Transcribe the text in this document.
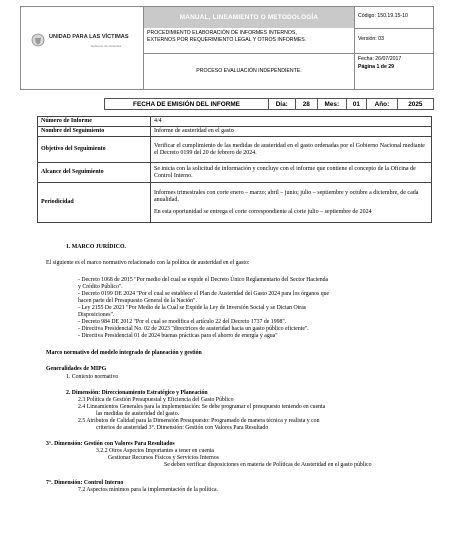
UNIDAD PARA LAS VÍCTIMAS
Gobierno de Colombia
MANUAL, LINEAMIENTO O METODOLOGÍA
PROCEDIMIENTO ELABORACIÓN DE INFORMES INTERNOS,
EXTERNOS POR REQUERIMIENTO LEGAL Y OTROS INFORMES.
PROCESO EVALUACIÓN INDEPENDIENTE.
Código: 150.19.15-10
Versión: 03
Fecha: 26/07/2017
Página 1 de 29
FECHA DE EMISIÓN DEL INFORME	Día:	28	Mes:	01	Año:	2025
Número de Informe	4/4
Nombre del Seguimiento	Informe de austeridad en el gasto
Objetivo del Seguimiento	Verificar el cumplimiento de las medidas de austeridad en el gasto ordenadas por el Gobierno Nacional mediante el Decreto 0199 del 20 de febrero de 2024.
Alcance del Seguimiento	Se inicia con la solicitud de información y concluye con el informe que contiene el concepto de la Oficina de Control Interno.
Periodicidad	Informes trimestrales con corte enero – marzo; abril – junio; julio – septiembre y octubre a diciembre, de cada anualidad.
En esta oportunidad se entrega el corte correspondiente al corte julio – septiembre de 2024
1. MARCO JURÍDICO.
El siguiente es el marco normativo relacionado con la política de austeridad en el gasto:
- Decreto 1068 de 2015 "Por medio del cual se expide el Decreto Único Reglamentario del Sector Hacienda
y Crédito Público".
- Decreto 0199 DE 2024 "Por el cual se establece el Plan de Austeridad del Gasto 2024 para los órganos que
hacen parte del Presupuesto General de la Nación".
- Ley 2155 De 2021 "Por Medio de la Cual se Expide la Ley de Inversión Social y se Dictan Otras
Disposiciones".
- Decreto 984 DE 2012 "Por el cual se modifica el artículo 22 del Decreto 1737 de 1998".
- Directiva Presidencial No. 02 de 2023 "directrices de austeridad hacia un gasto público eficiente".
- Directiva Presidencial 01 de 2024 buenas prácticas para el ahorro de energía y agua"
Marco normativo del modelo integrado de planeación y gestión
Generalidades de MIPG
1. Contexto normativo
2. Dimensión: Direccionamiento Estratégico y Planeación
2.3 Política de Gestión Presupuestal y Eficiencia del Gasto Público
2.4 Lineamientos Generales para la implementación: Se debe programar el presupuesto teniendo en cuenta
las medidas de austeridad del gasto.
2.5 Atributos de Calidad para la Dimensión Presupuesto: Programado de manera técnica y realista y con
criterios de austeridad 3°. Dimensión: Gestión con Valores Para Resultado
3°. Dimensión: Gestión con Valores Para Resultados
3.2.2 Otros Aspectos Importantes a tener en cuenta
Gestionar Recursos Físicos y Servicios Internos
Se deben verificar disposiciones en materia de Políticas de Austeridad en el gasto público
7°. Dimensión: Control Interno
7.2 Aspectos mínimos para la implementación de la política.
